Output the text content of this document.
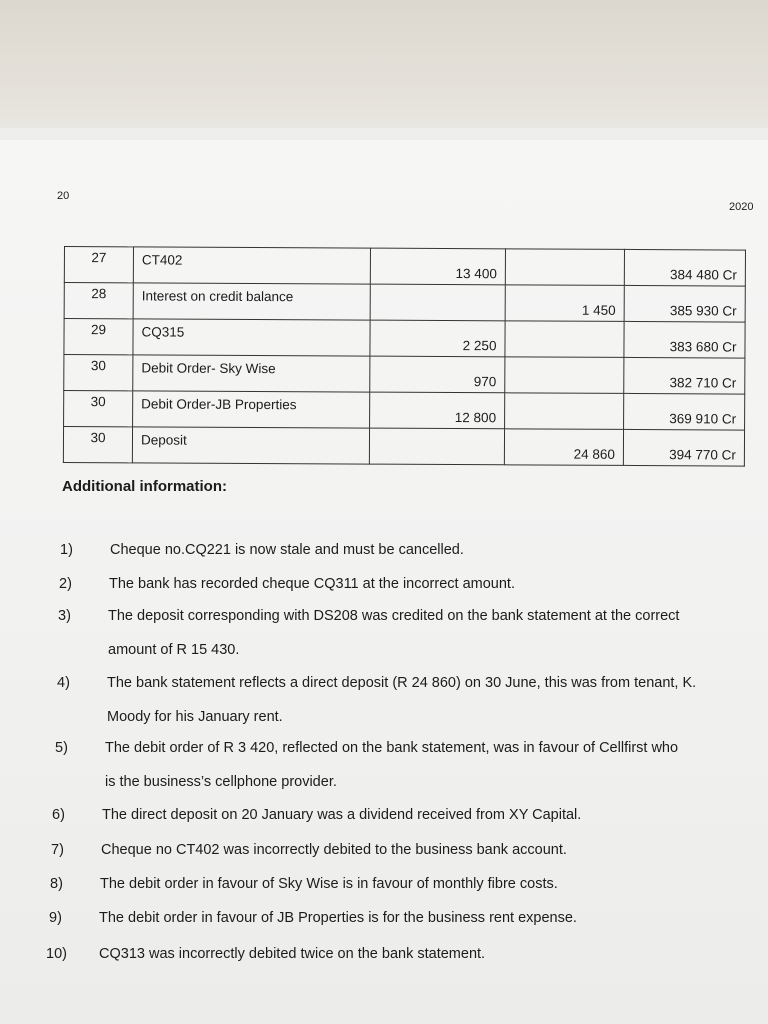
20
2020
27	CT402	13 400		384 480 Cr
28	Interest on credit balance		1 450	385 930 Cr
29	CQ315	2 250		383 680 Cr
30	Debit Order- Sky Wise	970		382 710 Cr
30	Debit Order-JB Properties	12 800		369 910 Cr
30	Deposit		24 860	394 770 Cr
Additional information:
1)	Cheque no.CQ221 is now stale and must be cancelled.
2)	The bank has recorded cheque CQ311 at the incorrect amount.
3)	The deposit corresponding with DS208 was credited on the bank statement at the correct
amount of R 15 430.
4)	The bank statement reflects a direct deposit (R 24 860) on 30 June, this was from tenant, K.
Moody for his January rent.
5)	The debit order of R 3 420, reflected on the bank statement, was in favour of Cellfirst who
is the business’s cellphone provider.
6)	The direct deposit on 20 January was a dividend received from XY Capital.
7)	Cheque no CT402 was incorrectly debited to the business bank account.
8)	The debit order in favour of Sky Wise is in favour of monthly fibre costs.
9)	The debit order in favour of JB Properties is for the business rent expense.
10) CQ313 was incorrectly debited twice on the bank statement.
